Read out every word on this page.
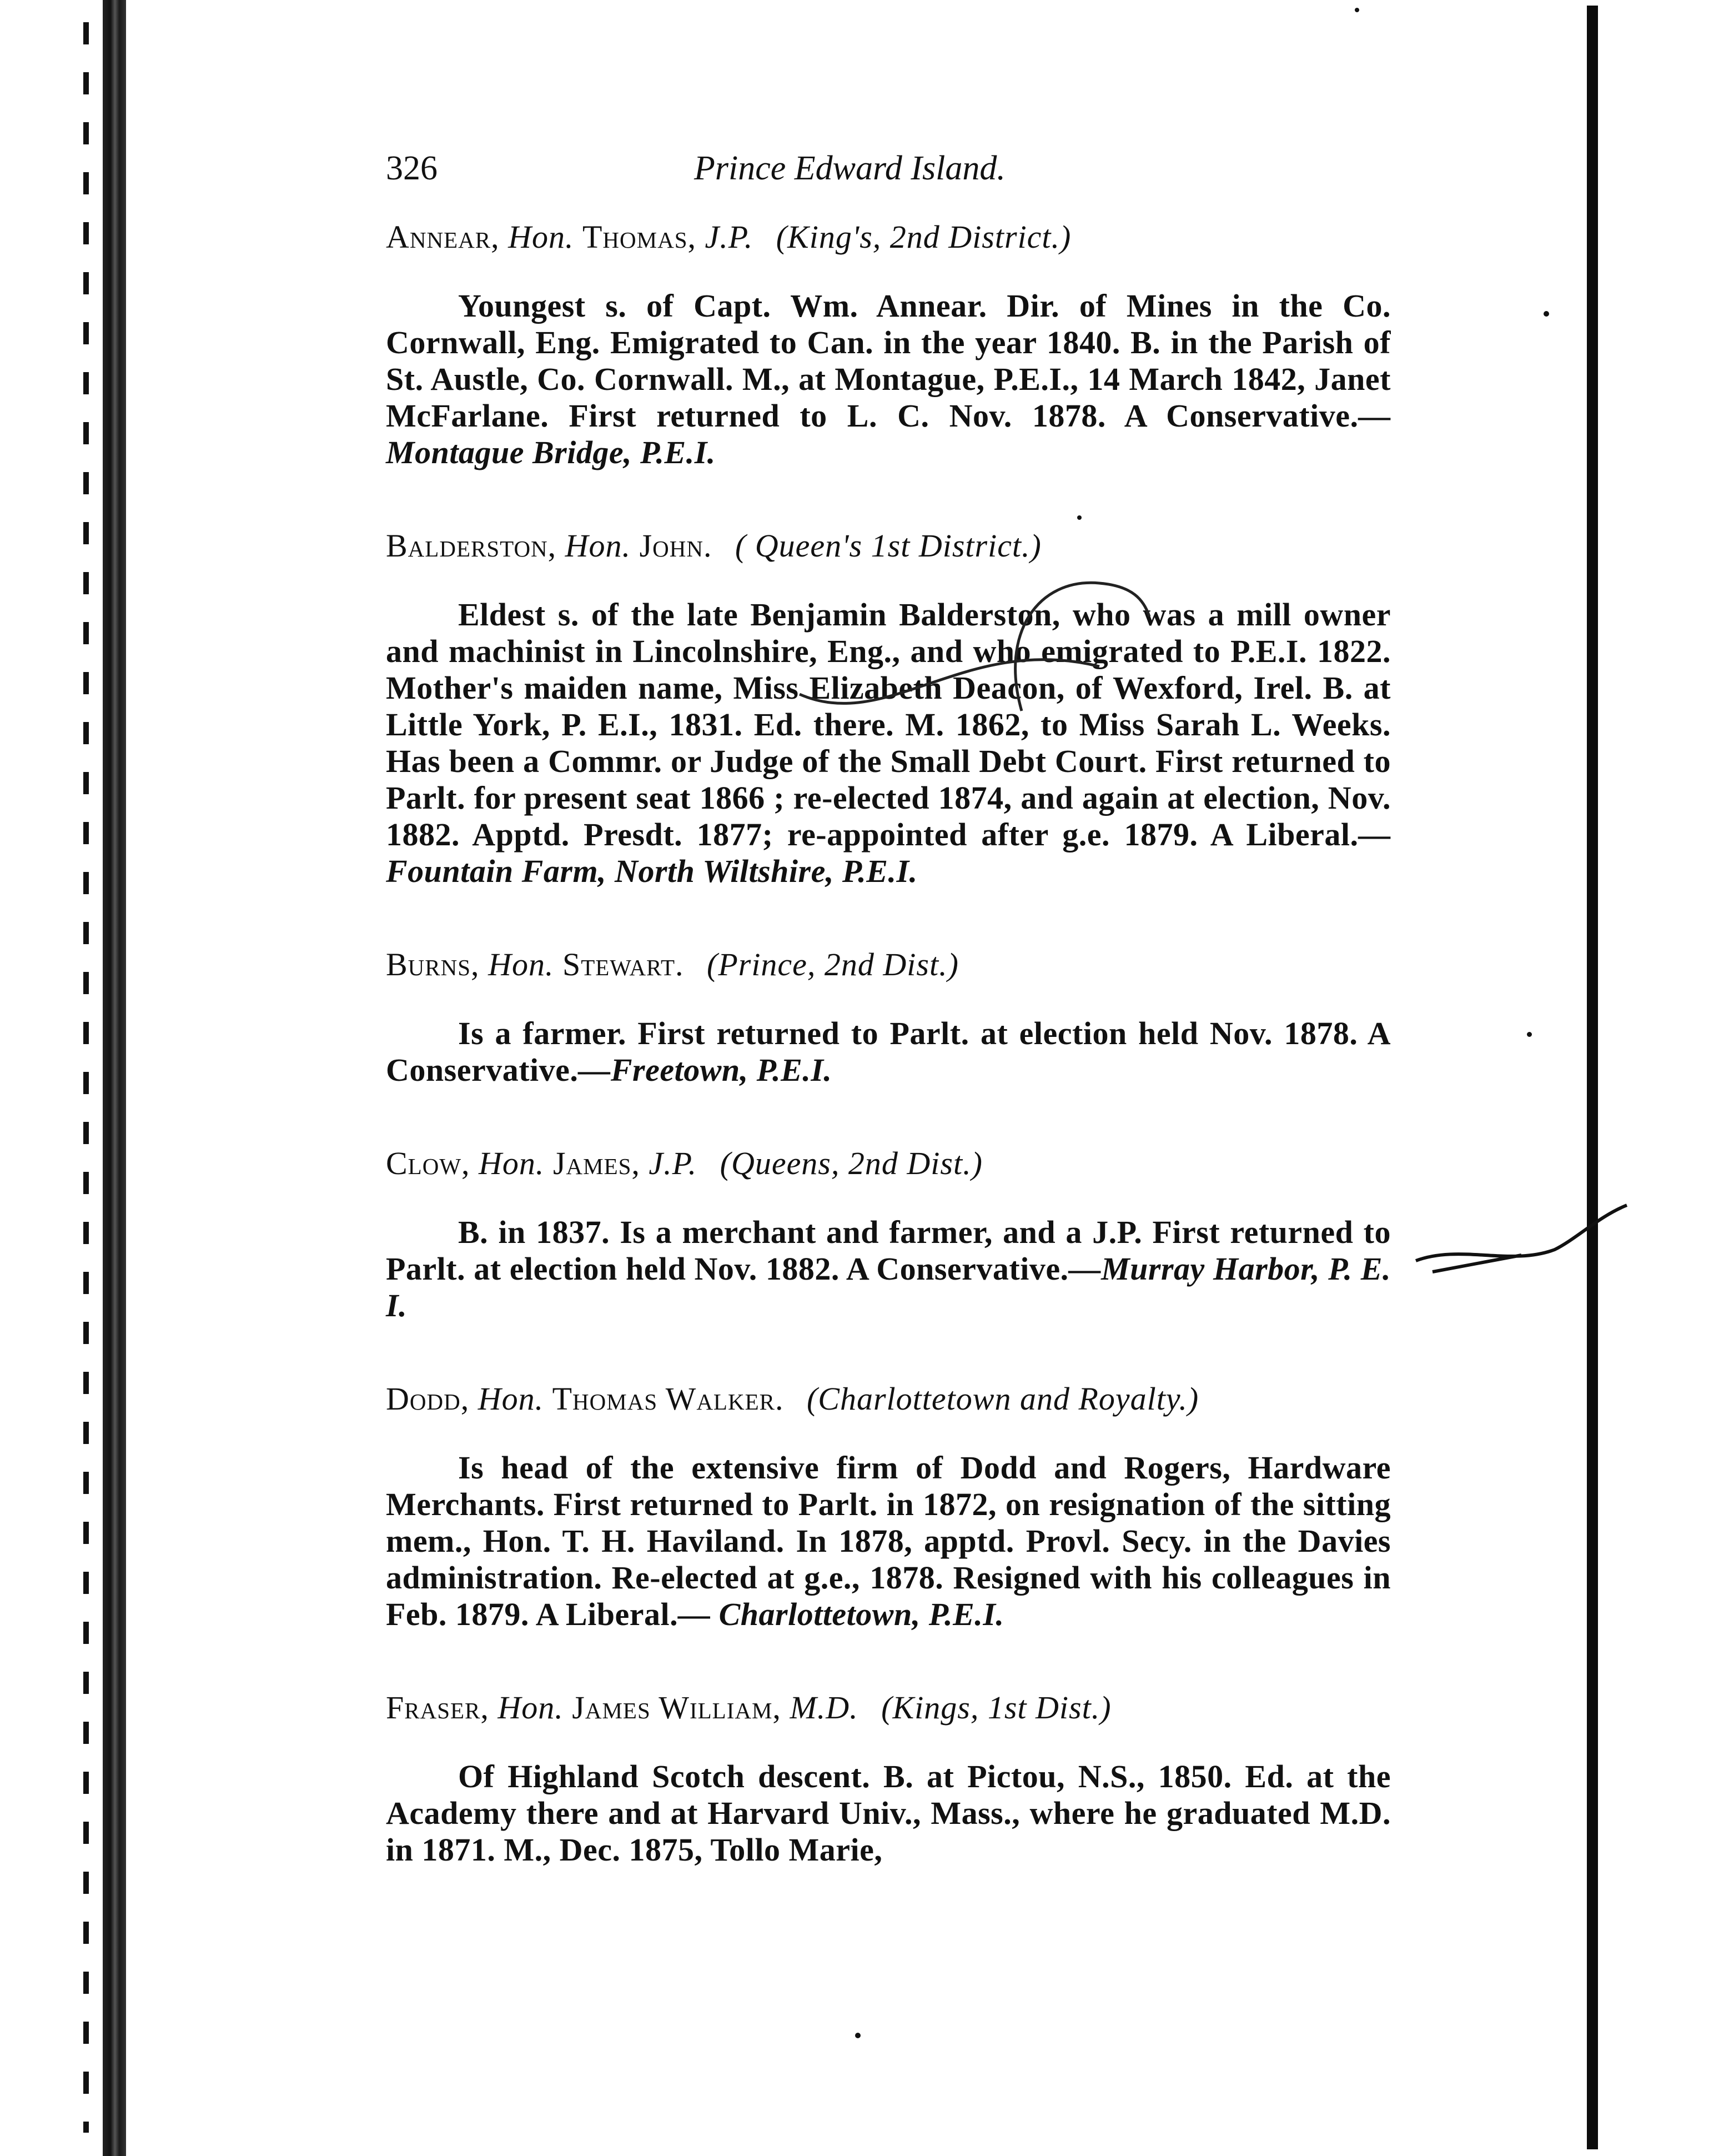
326	Prince Edward Island.

Annear, Hon. Thomas, J.P. (King's, 2nd District.)

Youngest s. of Capt. Wm. Annear. Dir. of Mines in the Co. Cornwall, Eng. Emigrated to Can. in the year 1840. B. in the Parish of St. Austle, Co. Cornwall. M., at Montague, P.E.I., 14 March 1842, Janet McFarlane. First returned to L. C. Nov. 1878. A Conservative.—Montague Bridge, P.E.I.

Balderston, Hon. John. ( Queen's 1st District.)

Eldest s. of the late Benjamin Balderston, who was a mill owner and machinist in Lincolnshire, Eng., and who emigrated to P.E.I. 1822. Mother's maiden name, Miss Elizabeth Deacon, of Wexford, Irel. B. at Little York, P. E.I., 1831. Ed. there. M. 1862, to Miss Sarah L. Weeks. Has been a Commr. or Judge of the Small Debt Court. First returned to Parlt. for present seat 1866 ; re-elected 1874, and again at election, Nov. 1882. Apptd. Presdt. 1877; re-appointed after g.e. 1879. A Liberal.—Fountain Farm, North Wiltshire, P.E.I.

Burns, Hon. Stewart. (Prince, 2nd Dist.)

Is a farmer. First returned to Parlt. at election held Nov. 1878. A Conservative.—Freetown, P.E.I.

Clow, Hon. James, J.P. (Queens, 2nd Dist.)

B. in 1837. Is a merchant and farmer, and a J.P. First returned to Parlt. at election held Nov. 1882. A Conservative.—Murray Harbor, P. E. I.

Dodd, Hon. Thomas Walker. (Charlottetown and Royalty.)

Is head of the extensive firm of Dodd and Rogers, Hardware Merchants. First returned to Parlt. in 1872, on resignation of the sitting mem., Hon. T. H. Haviland. In 1878, apptd. Provl. Secy. in the Davies administration. Re-elected at g.e., 1878. Resigned with his colleagues in Feb. 1879. A Liberal.— Charlottetown, P.E.I.

Fraser, Hon. James William, M.D. (Kings, 1st Dist.)

Of Highland Scotch descent. B. at Pictou, N.S., 1850. Ed. at the Academy there and at Harvard Univ., Mass., where he graduated M.D. in 1871. M., Dec. 1875, Tollo Marie,
